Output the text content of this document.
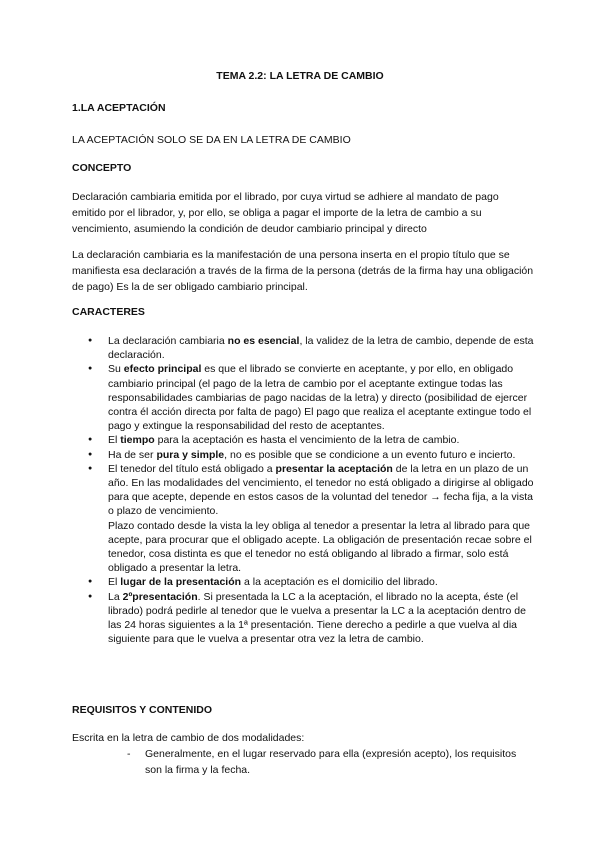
TEMA 2.2: LA LETRA DE CAMBIO
1.LA ACEPTACIÓN
LA ACEPTACIÓN SOLO SE DA EN LA LETRA DE CAMBIO
CONCEPTO
Declaración cambiaria emitida por el librado, por cuya virtud se adhiere al mandato de pago emitido por el librador, y, por ello, se obliga a pagar el importe de la letra de cambio a su vencimiento, asumiendo la condición de deudor cambiario principal y directo
La declaración cambiaria es la manifestación de una persona inserta en el propio título que se manifiesta esa declaración a través de la firma de la persona (detrás de la firma hay una obligación de pago) Es la de ser obligado cambiario principal.
CARACTERES
● La declaración cambiaria no es esencial, la validez de la letra de cambio, depende de esta declaración.
● Su efecto principal es que el librado se convierte en aceptante, y por ello, en obligado cambiario principal (el pago de la letra de cambio por el aceptante extingue todas las responsabilidades cambiarias de pago nacidas de la letra) y directo (posibilidad de ejercer contra él acción directa por falta de pago) El pago que realiza el aceptante extingue todo el pago y extingue la responsabilidad del resto de aceptantes.
● El tiempo para la aceptación es hasta el vencimiento de la letra de cambio.
● Ha de ser pura y simple, no es posible que se condicione a un evento futuro e incierto.
● El tenedor del título está obligado a presentar la aceptación de la letra en un plazo de un año. En las modalidades del vencimiento, el tenedor no está obligado a dirigirse al obligado para que acepte, depende en estos casos de la voluntad del tenedor → fecha fija, a la vista o plazo de vencimiento.
Plazo contado desde la vista la ley obliga al tenedor a presentar la letra al librado para que acepte, para procurar que el obligado acepte. La obligación de presentación recae sobre el tenedor, cosa distinta es que el tenedor no está obligando al librado a firmar, solo está obligado a presentar la letra.
● El lugar de la presentación a la aceptación es el domicilio del librado.
● La 2ºpresentación. Si presentada la LC a la aceptación, el librado no la acepta, éste (el librado) podrá pedirle al tenedor que le vuelva a presentar la LC a la aceptación dentro de las 24 horas siguientes a la 1ª presentación. Tiene derecho a pedirle a que vuelva al dia siguiente para que le vuelva a presentar otra vez la letra de cambio.
REQUISITOS Y CONTENIDO
Escrita en la letra de cambio de dos modalidades:
-	Generalmente, en el lugar reservado para ella (expresión acepto), los requisitos son la firma y la fecha.
